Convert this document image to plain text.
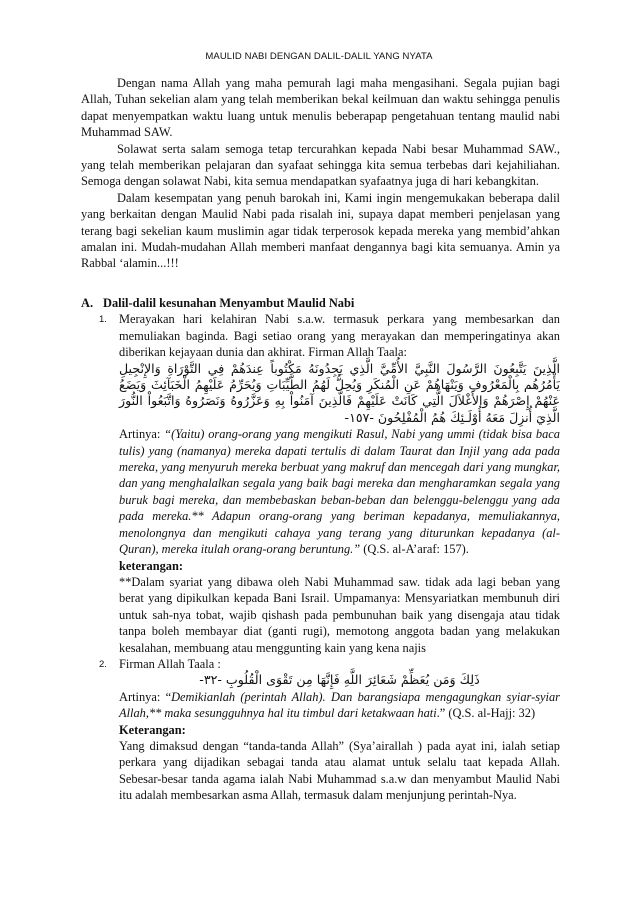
MAULID NABI DENGAN DALIL-DALIL YANG NYATA

Dengan nama Allah yang maha pemurah lagi maha mengasihani. Segala pujian bagi Allah, Tuhan sekelian alam yang telah memberikan bekal keilmuan dan waktu sehingga penulis dapat menyempatkan waktu luang untuk menulis beberapap pengetahuan tentang maulid nabi Muhammad SAW.

Solawat serta salam semoga tetap tercurahkan kepada Nabi besar Muhammad SAW., yang telah memberikan pelajaran dan syafaat sehingga kita semua terbebas dari kejahiliahan. Semoga dengan solawat Nabi, kita semua mendapatkan syafaatnya juga di hari kebangkitan.

Dalam kesempatan yang penuh barokah ini, Kami ingin mengemukakan beberapa dalil yang berkaitan dengan Maulid Nabi pada risalah ini, supaya dapat memberi penjelasan yang terang bagi sekelian kaum muslimin agar tidak terperosok kepada mereka yang membid’ahkan amalan ini. Mudah-mudahan Allah memberi manfaat dengannya bagi kita semuanya. Amin ya Rabbal ‘alamin...!!!

A. Dalil-dalil kesunahan Menyambut Maulid Nabi

1. Merayakan hari kelahiran Nabi s.a.w. termasuk perkara yang membesarkan dan memuliakan baginda. Bagi setiao orang yang merayakan dan memperingatinya akan diberikan kejayaan dunia dan akhirat. Firman Allah Taala:

الَّذِينَ يَتَّبِعُونَ الرَّسُولَ النَّبِيَّ الأُمِّيَّ الَّذِي يَجِدُونَهُ مَكْتُوباً عِندَهُمْ فِي التَّوْرَاةِ وَالإِنْجِيلِ يَأْمُرُهُم بِالْمَعْرُوفِ وَيَنْهَاهُمْ عَنِ الْمُنكَرِ وَيُحِلُّ لَهُمُ الطَّيِّبَاتِ وَيُحَرِّمُ عَلَيْهِمُ الْخَبَآئِثَ وَيَضَعُ عَنْهُمْ إِصْرَهُمْ وَالأَغْلاَلَ الَّتِي كَانَتْ عَلَيْهِمْ فَالَّذِينَ آمَنُواْ بِهِ وَعَزَّرُوهُ وَنَصَرُوهُ وَاتَّبَعُواْ النُّورَ الَّذِيَ أُنزِلَ مَعَهُ أُوْلَـئِكَ هُمُ الْمُفْلِحُونَ -١٥٧-

Artinya: “(Yaitu) orang-orang yang mengikuti Rasul, Nabi yang ummi (tidak bisa baca tulis) yang (namanya) mereka dapati tertulis di dalam Taurat dan Injil yang ada pada mereka, yang menyuruh mereka berbuat yang makruf dan mencegah dari yang mungkar, dan yang menghalalkan segala yang baik bagi mereka dan mengharamkan segala yang buruk bagi mereka, dan membebaskan beban-beban dan belenggu-belenggu yang ada pada mereka.** Adapun orang-orang yang beriman kepadanya, memuliakannya, menolongnya dan mengikuti cahaya yang terang yang diturunkan kepadanya (al-Quran), mereka itulah orang-orang beruntung.” (Q.S. al-A’araf: 157).

keterangan:

**Dalam syariat yang dibawa oleh Nabi Muhammad saw. tidak ada lagi beban yang berat yang dipikulkan kepada Bani Israil. Umpamanya: Mensyariatkan membunuh diri untuk sah-nya tobat, wajib qishash pada pembunuhan baik yang disengaja atau tidak tanpa boleh membayar diat (ganti rugi), memotong anggota badan yang melakukan kesalahan, membuang atau menggunting kain yang kena najis

2. Firman Allah Taala :

ذَلِكَ وَمَن يُعَظِّمْ شَعَائِرَ اللَّهِ فَإِنَّهَا مِن تَقْوَى الْقُلُوبِ -٣٢-

Artinya: “Demikianlah (perintah Allah). Dan barangsiapa mengagungkan syiar-syiar Allah,** maka sesungguhnya hal itu timbul dari ketakwaan hati.” (Q.S. al-Hajj: 32)

Keterangan:

Yang dimaksud dengan “tanda-tanda Allah” (Sya’airallah ) pada ayat ini, ialah setiap perkara yang dijadikan sebagai tanda atau alamat untuk selalu taat kepada Allah. Sebesar-besar tanda agama ialah Nabi Muhammad s.a.w dan menyambut Maulid Nabi itu adalah membesarkan asma Allah, termasuk dalam menjunjung perintah-Nya.
